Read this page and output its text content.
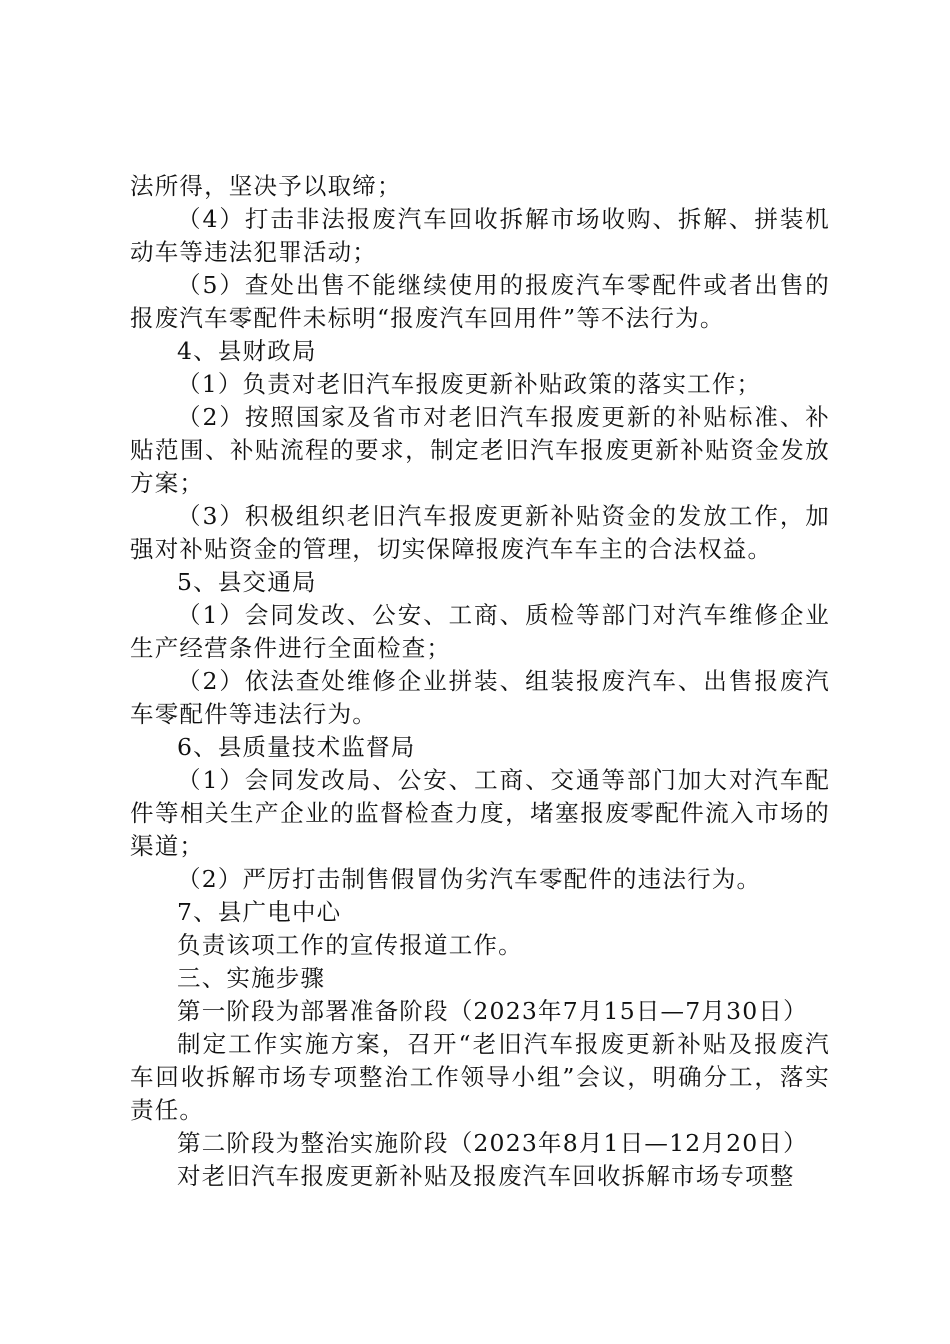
法所得，坚决予以取缔；

（4）打击非法报废汽车回收拆解市场收购、拆解、拼装机动车等违法犯罪活动；

（5）查处出售不能继续使用的报废汽车零配件或者出售的报废汽车零配件未标明“报废汽车回用件”等不法行为。

4、县财政局

（1）负责对老旧汽车报废更新补贴政策的落实工作；

（2）按照国家及省市对老旧汽车报废更新的补贴标准、补贴范围、补贴流程的要求，制定老旧汽车报废更新补贴资金发放方案；

（3）积极组织老旧汽车报废更新补贴资金的发放工作，加强对补贴资金的管理，切实保障报废汽车车主的合法权益。

5、县交通局

（1）会同发改、公安、工商、质检等部门对汽车维修企业生产经营条件进行全面检查；

（2）依法查处维修企业拼装、组装报废汽车、出售报废汽车零配件等违法行为。

6、县质量技术监督局

（1）会同发改局、公安、工商、交通等部门加大对汽车配件等相关生产企业的监督检查力度，堵塞报废零配件流入市场的渠道；

（2）严厉打击制售假冒伪劣汽车零配件的违法行为。

7、县广电中心

负责该项工作的宣传报道工作。

三、实施步骤

第一阶段为部署准备阶段（2023年7月15日—7月30日）

制定工作实施方案，召开“老旧汽车报废更新补贴及报废汽车回收拆解市场专项整治工作领导小组”会议，明确分工，落实责任。

第二阶段为整治实施阶段（2023年8月1日—12月20日）

对老旧汽车报废更新补贴及报废汽车回收拆解市场专项整
